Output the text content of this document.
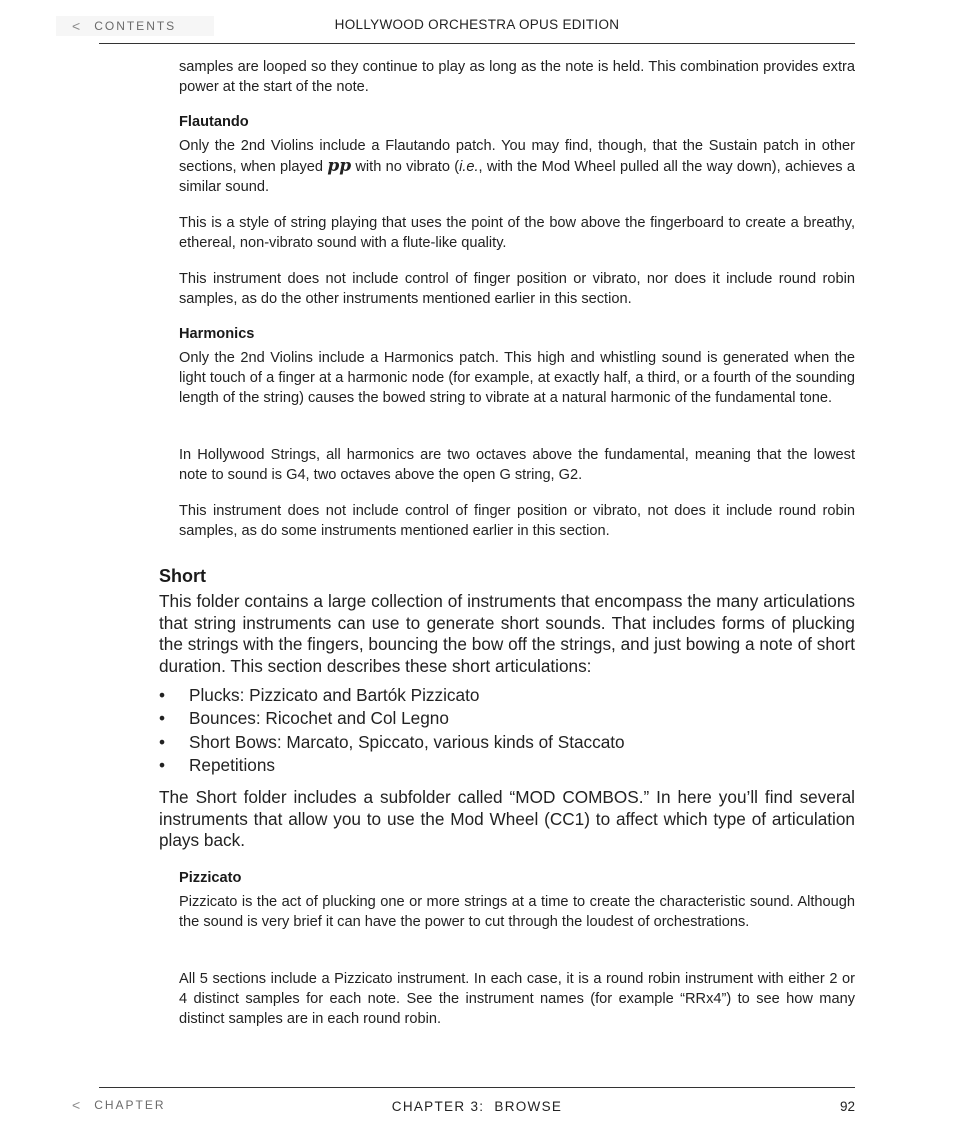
< CONTENTS	HOLLYWOOD ORCHESTRA OPUS EDITION

samples are looped so they continue to play as long as the note is held. This combination provides extra power at the start of the note.

Flautando

Only the 2nd Violins include a Flautando patch. You may find, though, that the Sustain patch in other sections, when played pp with no vibrato (i.e., with the Mod Wheel pulled all the way down), achieves a similar sound.

This is a style of string playing that uses the point of the bow above the fingerboard to create a breathy, ethereal, non-vibrato sound with a flute-like quality.

This instrument does not include control of finger position or vibrato, nor does it include round robin samples, as do the other instruments mentioned earlier in this section.

Harmonics

Only the 2nd Violins include a Harmonics patch. This high and whistling sound is generated when the light touch of a finger at a harmonic node (for example, at exactly half, a third, or a fourth of the sounding length of the string) causes the bowed string to vibrate at a natural harmonic of the fundamental tone.

In Hollywood Strings, all harmonics are two octaves above the fundamental, meaning that the lowest note to sound is G4, two octaves above the open G string, G2.

This instrument does not include control of finger position or vibrato, not does it include round robin samples, as do some instruments mentioned earlier in this section.

Short

This folder contains a large collection of instruments that encompass the many articulations that string instruments can use to generate short sounds. That includes forms of plucking the strings with the fingers, bouncing the bow off the strings, and just bowing a note of short duration. This section describes these short articulations:

•	Plucks: Pizzicato and Bartók Pizzicato
•	Bounces: Ricochet and Col Legno
•	Short Bows: Marcato, Spiccato, various kinds of Staccato
•	Repetitions

The Short folder includes a subfolder called “MOD COMBOS.” In here you’ll find several instruments that allow you to use the Mod Wheel (CC1) to affect which type of articulation plays back.

Pizzicato

Pizzicato is the act of plucking one or more strings at a time to create the characteristic sound. Although the sound is very brief it can have the power to cut through the loudest of orchestrations.

All 5 sections include a Pizzicato instrument. In each case, it is a round robin instrument with either 2 or 4 distinct samples for each note. See the instrument names (for example “RRx4”) to see how many distinct samples are in each round robin.

< CHAPTER	CHAPTER 3:  BROWSE	92
